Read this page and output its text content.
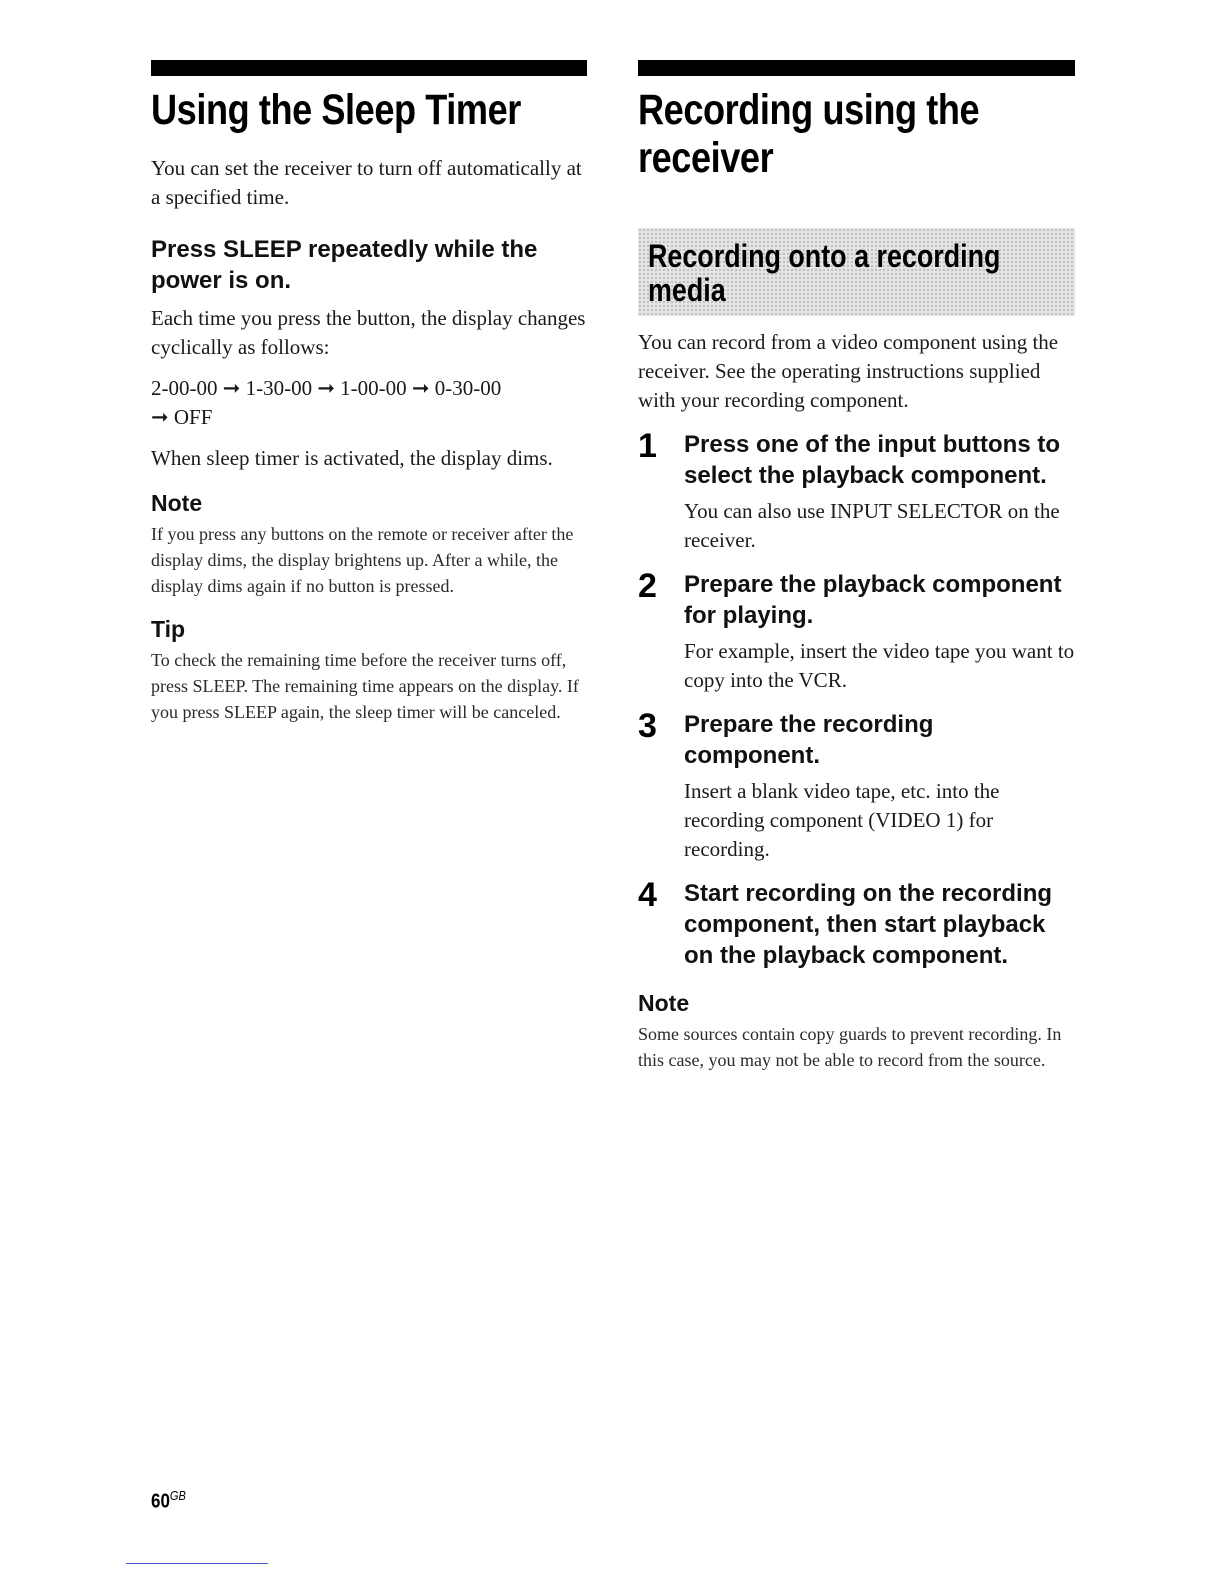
Using the Sleep Timer

You can set the receiver to turn off automatically at a specified time.

Press SLEEP repeatedly while the power is on.

Each time you press the button, the display changes cyclically as follows:

2-00-00 ➞ 1-30-00 ➞ 1-00-00 ➞ 0-30-00
➞ OFF

When sleep timer is activated, the display dims.

Note

If you press any buttons on the remote or receiver after the display dims, the display brightens up. After a while, the display dims again if no button is pressed.

Tip

To check the remaining time before the receiver turns off, press SLEEP. The remaining time appears on the display. If you press SLEEP again, the sleep timer will be canceled.

Recording using the
receiver
Recording onto a recording
media

You can record from a video component using the receiver. See the operating instructions supplied with your recording component.

1 Press one of the input buttons to select the playback component.

You can also use INPUT SELECTOR on the receiver.

2 Prepare the playback component for playing.

For example, insert the video tape you want to copy into the VCR.

3 Prepare the recording component.

Insert a blank video tape, etc. into the recording component (VIDEO 1) for recording.

4 Start recording on the recording component, then start playback on the playback component.
Note

Some sources contain copy guards to prevent recording. In this case, you may not be able to record from the source.

$60^{GB}$
